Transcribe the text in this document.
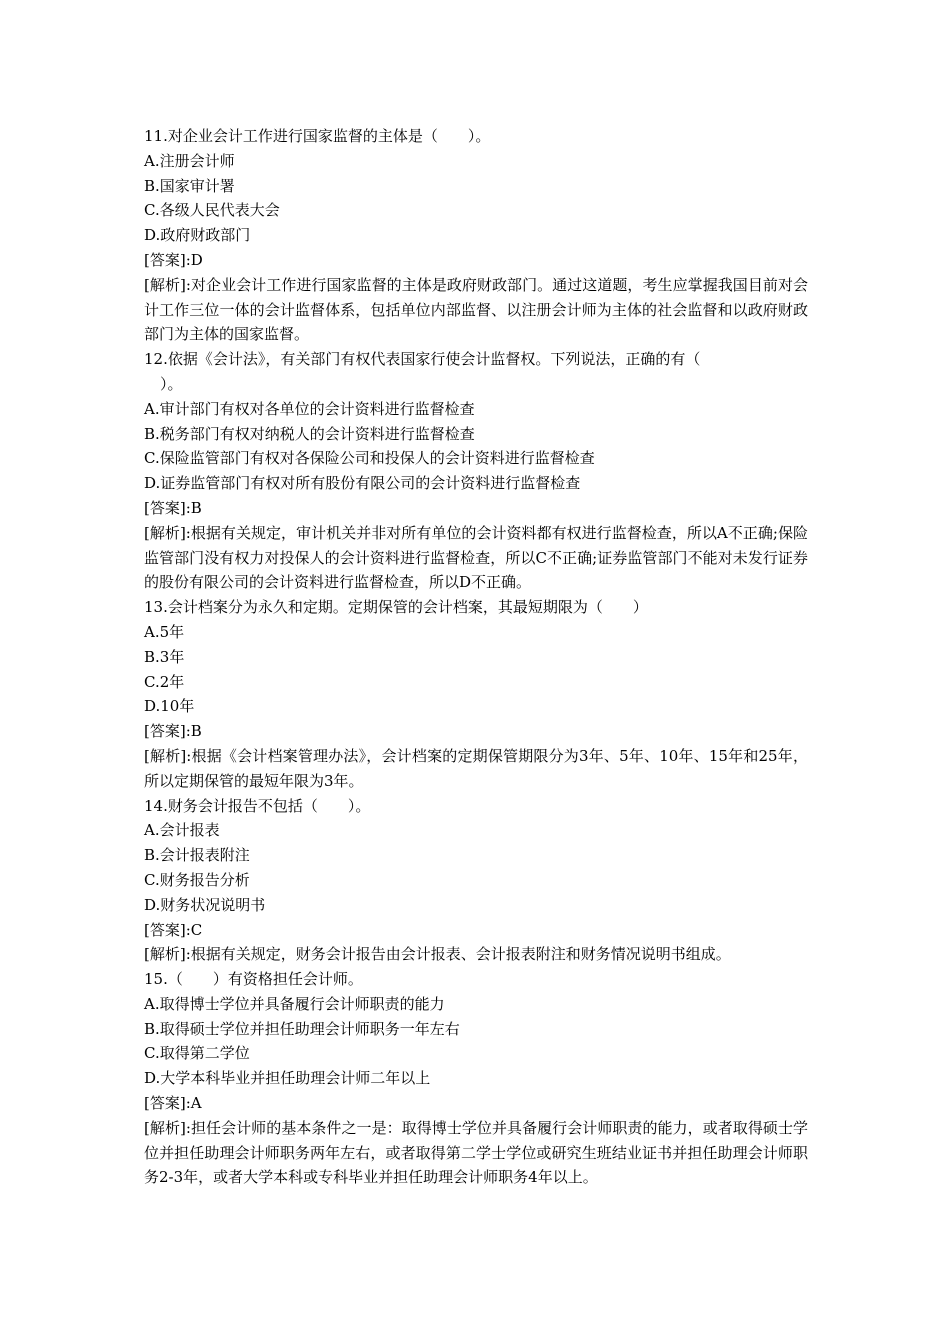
11.对企业会计工作进行国家监督的主体是（　　）。

A.注册会计师

B.国家审计署

C.各级人民代表大会

D.政府财政部门

[答案]:D

[解析]:对企业会计工作进行国家监督的主体是政府财政部门。通过这道题，考生应掌握我国目前对会计工作三位一体的会计监督体系，包括单位内部监督、以注册会计师为主体的社会监督和以政府财政部门为主体的国家监督。

12.依据《会计法》，有关部门有权代表国家行使会计监督权。下列说法，正确的有（

）。

A.审计部门有权对各单位的会计资料进行监督检查

B.税务部门有权对纳税人的会计资料进行监督检查

C.保险监管部门有权对各保险公司和投保人的会计资料进行监督检查

D.证券监管部门有权对所有股份有限公司的会计资料进行监督检查

[答案]:B

[解析]:根据有关规定，审计机关并非对所有单位的会计资料都有权进行监督检查，所以A不正确;保险监管部门没有权力对投保人的会计资料进行监督检查，所以C不正确;证券监管部门不能对未发行证券的股份有限公司的会计资料进行监督检查，所以D不正确。

13.会计档案分为永久和定期。定期保管的会计档案，其最短期限为（　　）

A.5年

B.3年

C.2年

D.10年

[答案]:B

[解析]:根据《会计档案管理办法》，会计档案的定期保管期限分为3年、5年、10年、15年和25年，所以定期保管的最短年限为3年。

14.财务会计报告不包括（　　）。

A.会计报表

B.会计报表附注

C.财务报告分析

D.财务状况说明书

[答案]:C

[解析]:根据有关规定，财务会计报告由会计报表、会计报表附注和财务情况说明书组成。

15.（　　）有资格担任会计师。

A.取得博士学位并具备履行会计师职责的能力

B.取得硕士学位并担任助理会计师职务一年左右

C.取得第二学位

D.大学本科毕业并担任助理会计师二年以上

[答案]:A

[解析]:担任会计师的基本条件之一是：取得博士学位并具备履行会计师职责的能力，或者取得硕士学位并担任助理会计师职务两年左右，或者取得第二学士学位或研究生班结业证书并担任助理会计师职务2-3年，或者大学本科或专科毕业并担任助理会计师职务4年以上。
